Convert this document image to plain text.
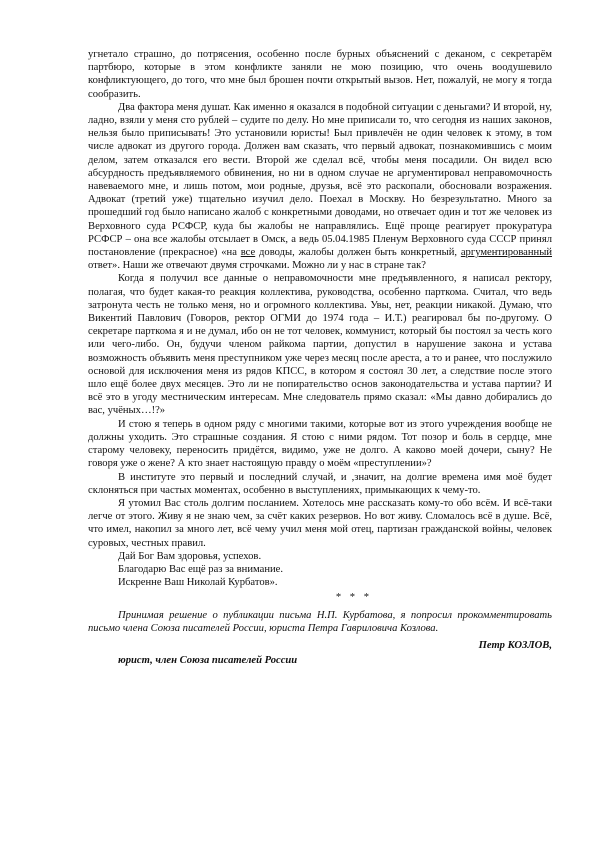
угнетало страшно, до потрясения, особенно после бурных объяснений с деканом, с секретарём партбюро, которые в этом конфликте заняли не мою позицию, что очень воодушевило конфликтующего, до того, что мне был брошен почти открытый вызов. Нет, пожалуй, не могу я тогда сообразить.

Два фактора меня душат. Как именно я оказался в подобной ситуации с деньгами? И второй, ну, ладно, взяли у меня сто рублей – судите по делу. Но мне приписали то, что сегодня из наших законов, нельзя было приписывать! Это установили юристы! Был привлечён не один человек к этому, в том числе адвокат из другого города. Должен вам сказать, что первый адвокат, познакомившись с моим делом, затем отказался его вести. Второй же сделал всё, чтобы меня посадили. Он видел всю абсурдность предъявляемого обвинения, но ни в одном случае не аргументировал неправомочность навеваемого мне, и лишь потом, мои родные, друзья, всё это раскопали, обосновали возражения. Адвокат (третий уже) тщательно изучил дело. Поехал в Москву. Но безрезультатно. Много за прошедший год было написано жалоб с конкретными доводами, но отвечает один и тот же человек из Верховного суда РСФСР, куда бы жалобы не направлялись. Ещё проще реагирует прокуратура РСФСР – она все жалобы отсылает в Омск, а ведь 05.04.1985 Пленум Верховного суда СССР принял постановление (прекрасное) «на все доводы, жалобы должен быть конкретный, аргументированный ответ». Наши же отвечают двумя строчками. Можно ли у нас в стране так?

Когда я получил все данные о неправомочности мне предъявленного, я написал ректору, полагая, что будет какая-то реакция коллектива, руководства, особенно парткома. Считал, что ведь затронута честь не только меня, но и огромного коллектива. Увы, нет, реакции никакой. Думаю, что Викентий Павлович (Говоров, ректор ОГМИ до 1974 года – И.Т.) реагировал бы по-другому. О секретаре парткома я и не думал, ибо он не тот человек, коммунист, который бы постоял за честь кого или чего-либо. Он, будучи членом райкома партии, допустил в нарушение закона и устава возможность объявить меня преступником уже через месяц после ареста, а то и ранее, что послужило основой для исключения меня из рядов КПСС, в котором я состоял 30 лет, а следствие после этого шло ещё более двух месяцев. Это ли не попирательство основ законодательства и устава партии? И всё это в угоду местническим интересам. Мне следователь прямо сказал: «Мы давно добирались до вас, учёных…!?»

И стою я теперь в одном ряду с многими такими, которые вот из этого учреждения вообще не должны уходить. Это страшные создания. Я стою с ними рядом. Тот позор и боль в сердце, мне старому человеку, переносить придётся, видимо, уже не долго. А каково моей дочери, сыну? Не говоря уже о жене? А кто знает настоящую правду о моём «преступлении»?

В институте это первый и последний случай, и ,значит, на долгие времена имя моё будет склоняться при частых моментах, особенно в выступлениях, примыкающих к чему-то.

Я утомил Вас столь долгим посланием. Хотелось мне рассказать кому-то обо всём. И всё-таки легче от этого. Живу я не знаю чем, за счёт каких резервов. Но вот живу. Сломалось всё в душе. Всё, что имел, накопил за много лет, всё чему учил меня мой отец, партизан гражданской войны, человек суровых, честных правил.

Дай Бог Вам здоровья, успехов.

Благодарю Вас ещё раз за внимание.

Искренне Ваш Николай Курбатов».

* * *

Принимая решение о публикации письма Н.П. Курбатова, я попросил прокомментировать письмо члена Союза писателей России, юриста Петра Гавриловича Козлова.

Петр КОЗЛОВ,

юрист, член Союза писателей России
